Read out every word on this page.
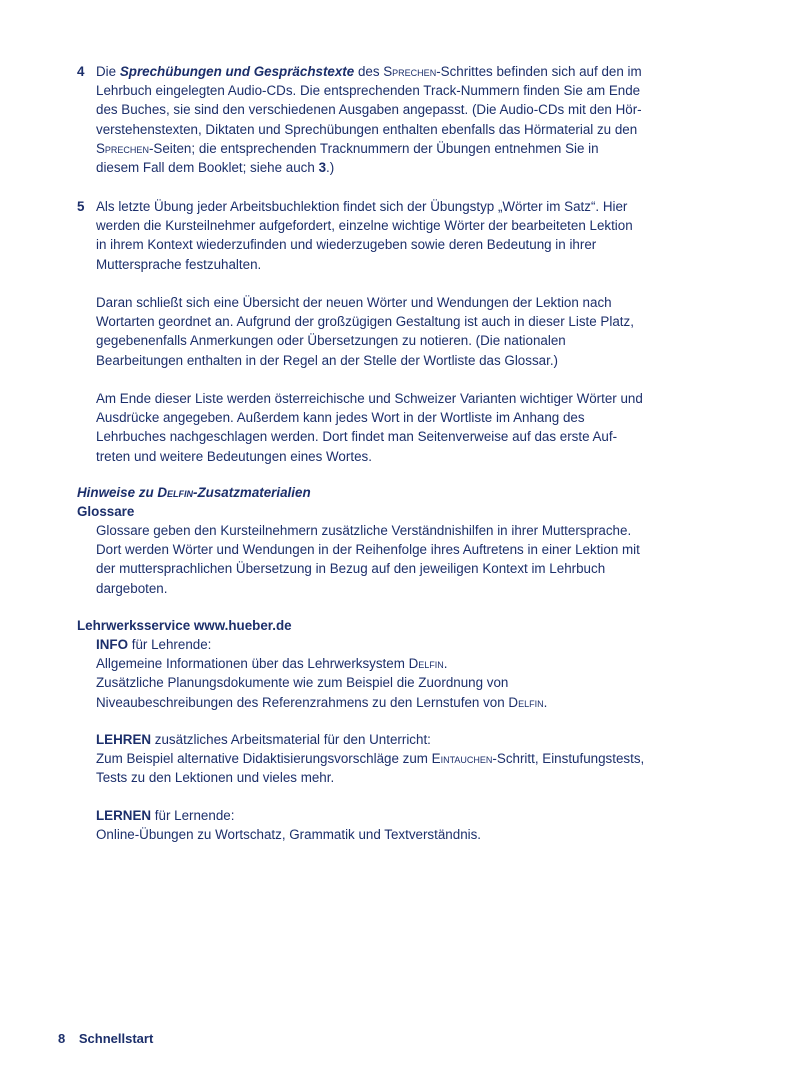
4 Die Sprechübungen und Gesprächstexte des Sprechen-Schrittes befinden sich auf den im Lehrbuch eingelegten Audio-CDs. Die entsprechenden Track-Nummern finden Sie am Ende des Buches, sie sind den verschiedenen Ausgaben angepasst. (Die Audio-CDs mit den Hörverstehenstexten, Diktaten und Sprechübungen enthalten ebenfalls das Hörmaterial zu den Sprechen-Seiten; die entsprechenden Tracknummern der Übungen entnehmen Sie in diesem Fall dem Booklet; siehe auch 3.)

5 Als letzte Übung jeder Arbeitsbuchlektion findet sich der Übungstyp „Wörter im Satz“. Hier werden die Kursteilnehmer aufgefordert, einzelne wichtige Wörter der bearbeiteten Lektion in ihrem Kontext wiederzufinden und wiederzugeben sowie deren Bedeutung in ihrer Muttersprache festzuhalten.

Daran schließt sich eine Übersicht der neuen Wörter und Wendungen der Lektion nach Wortarten geordnet an. Aufgrund der großzügigen Gestaltung ist auch in dieser Liste Platz, gegebenenfalls Anmerkungen oder Übersetzungen zu notieren. (Die nationalen Bearbeitungen enthalten in der Regel an der Stelle der Wortliste das Glossar.)

Am Ende dieser Liste werden österreichische und Schweizer Varianten wichtiger Wörter und Ausdrücke angegeben. Außerdem kann jedes Wort in der Wortliste im Anhang des Lehrbuches nachgeschlagen werden. Dort findet man Seitenverweise auf das erste Auftreten und weitere Bedeutungen eines Wortes.

Hinweise zu Delfin-Zusatzmaterialien
Glossare

Glossare geben den Kursteilnehmern zusätzliche Verständnishilfen in ihrer Muttersprache. Dort werden Wörter und Wendungen in der Reihenfolge ihres Auftretens in einer Lektion mit der muttersprachlichen Übersetzung in Bezug auf den jeweiligen Kontext im Lehrbuch dargeboten.

Lehrwerksservice www.hueber.de
INFO für Lehrende:
Allgemeine Informationen über das Lehrwerksystem Delfin.
Zusätzliche Planungsdokumente wie zum Beispiel die Zuordnung von
Niveaubeschreibungen des Referenzrahmens zu den Lernstufen von Delfin.
LEHREN zusätzliches Arbeitsmaterial für den Unterricht:
Zum Beispiel alternative Didaktisierungsvorschläge zum Eintauchen-Schritt, Einstufungstests,
Tests zu den Lektionen und vieles mehr.
LERNEN für Lernende:
Online-Übungen zu Wortschatz, Grammatik und Textverständnis.
8 Schnellstart
